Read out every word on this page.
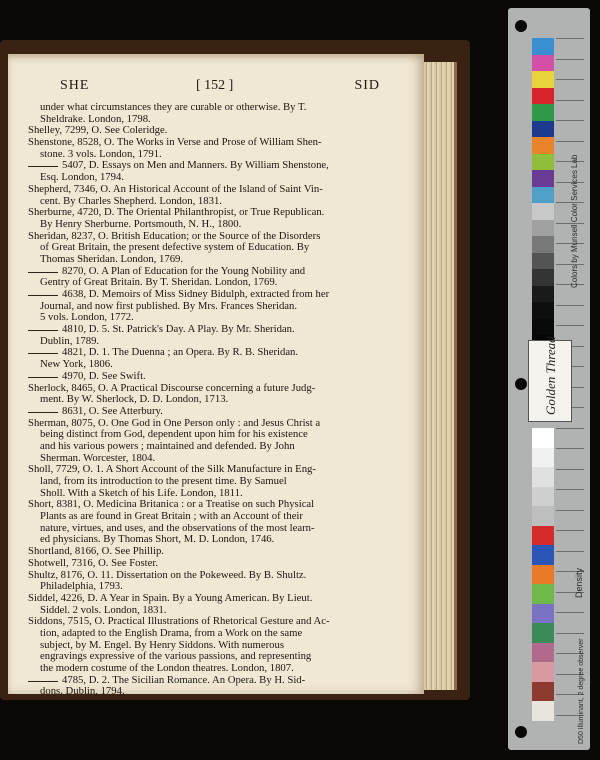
SHE	[ 152 ]	SID
under what circumstances they are curable or otherwise. By T.
Sheldrake. London, 1798.
Shelley, 7299, O. See Coleridge.
Shenstone, 8528, O. The Works in Verse and Prose of William Shen-
stone. 3 vols. London, 1791.
5407, D. Essays on Men and Manners. By William Shenstone,
Esq. London, 1794.
Shepherd, 7346, O. An Historical Account of the Island of Saint Vin-
cent. By Charles Shepherd. London, 1831.
Sherburne, 4720, D. The Oriental Philanthropist, or True Republican.
By Henry Sherburne. Portsmouth, N. H., 1800.
Sheridan, 8237, O. British Education; or the Source of the Disorders
of Great Britain, the present defective system of Education. By
Thomas Sheridan. London, 1769.
8270, O. A Plan of Education for the Young Nobility and
Gentry of Great Britain. By T. Sheridan. London, 1769.
4638, D. Memoirs of Miss Sidney Bidulph, extracted from her
Journal, and now first published. By Mrs. Frances Sheridan.
5 vols. London, 1772.
4810, D. 5. St. Patrick's Day. A Play. By Mr. Sheridan.
Dublin, 1789.
4821, D. 1. The Duenna ; an Opera. By R. B. Sheridan.
New York, 1806.
4970, D. See Swift.
Sherlock, 8465, O. A Practical Discourse concerning a future Judg-
ment. By W. Sherlock, D. D. London, 1713.
8631, O. See Atterbury.
Sherman, 8075, O. One God in One Person only : and Jesus Christ a
being distinct from God, dependent upon him for his existence
and his various powers ; maintained and defended. By John
Sherman. Worcester, 1804.
Sholl, 7729, O. 1. A Short Account of the Silk Manufacture in Eng-
land, from its introduction to the present time. By Samuel
Sholl. With a Sketch of his Life. London, 1811.
Short, 8381, O. Medicina Britanica : or a Treatise on such Physical
Plants as are found in Great Britain ; with an Account of their
nature, virtues, and uses, and the observations of the most learn-
ed physicians. By Thomas Short, M. D. London, 1746.
Shortland, 8166, O. See Phillip.
Shotwell, 7316, O. See Foster.
Shultz, 8176, O. 11. Dissertation on the Pokeweed. By B. Shultz.
Philadelphia, 1793.
Siddel, 4226, D. A Year in Spain. By a Young American. By Lieut.
Siddel. 2 vols. London, 1831.
Siddons, 7515, O. Practical Illustrations of Rhetorical Gesture and Ac-
tion, adapted to the English Drama, from a Work on the same
subject, by M. Engel. By Henry Siddons. With numerous
engravings expressive of the various passions, and representing
the modern costume of the London theatres. London, 1807.
4785, D. 2. The Sicilian Romance. An Opera. By H. Sid-
dons. Dublin, 1794.
Colors by Munsell Color Services Lab
Density
D50 Illuminant, 2 degree observer
Golden Thread
